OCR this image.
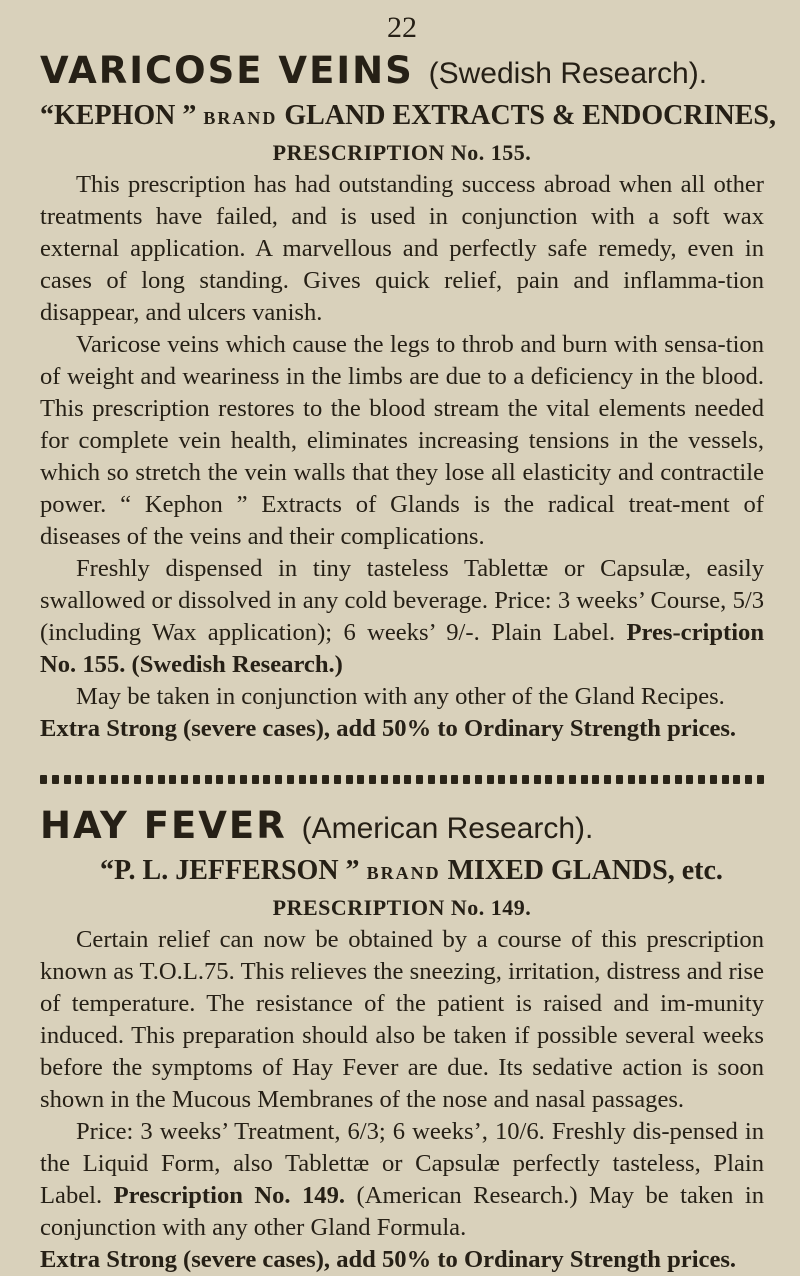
22
VARICOSE VEINS (Swedish Research).

“KEPHON ” BRAND GLAND EXTRACTS & ENDOCRINES,

PRESCRIPTION No. 155.

This prescription has had outstanding success abroad when all other treatments have failed, and is used in conjunction with a soft wax external application. A marvellous and perfectly safe remedy, even in cases of long standing. Gives quick relief, pain and inflamma-tion disappear, and ulcers vanish.

Varicose veins which cause the legs to throb and burn with sensa-tion of weight and weariness in the limbs are due to a deficiency in the blood. This prescription restores to the blood stream the vital elements needed for complete vein health, eliminates increasing tensions in the vessels, which so stretch the vein walls that they lose all elasticity and contractile power. “ Kephon ” Extracts of Glands is the radical treat-ment of diseases of the veins and their complications.

Freshly dispensed in tiny tasteless Tablettæ or Capsulæ, easily swallowed or dissolved in any cold beverage. Price: 3 weeks’ Course, 5/3 (including Wax application); 6 weeks’ 9/-. Plain Label. Pres-cription No. 155. (Swedish Research.)

May be taken in conjunction with any other of the Gland Recipes.

Extra Strong (severe cases), add 50% to Ordinary Strength prices.

HAY FEVER (American Research).

“P. L. JEFFERSON ” BRAND MIXED GLANDS, etc.

PRESCRIPTION No. 149.

Certain relief can now be obtained by a course of this prescription known as T.O.L.75. This relieves the sneezing, irritation, distress and rise of temperature. The resistance of the patient is raised and im-munity induced. This preparation should also be taken if possible several weeks before the symptoms of Hay Fever are due. Its sedative action is soon shown in the Mucous Membranes of the nose and nasal passages.

Price: 3 weeks’ Treatment, 6/3; 6 weeks’, 10/6. Freshly dis-pensed in the Liquid Form, also Tablettæ or Capsulæ perfectly tasteless, Plain Label. Prescription No. 149. (American Research.) May be taken in conjunction with any other Gland Formula.

Extra Strong (severe cases), add 50% to Ordinary Strength prices.
